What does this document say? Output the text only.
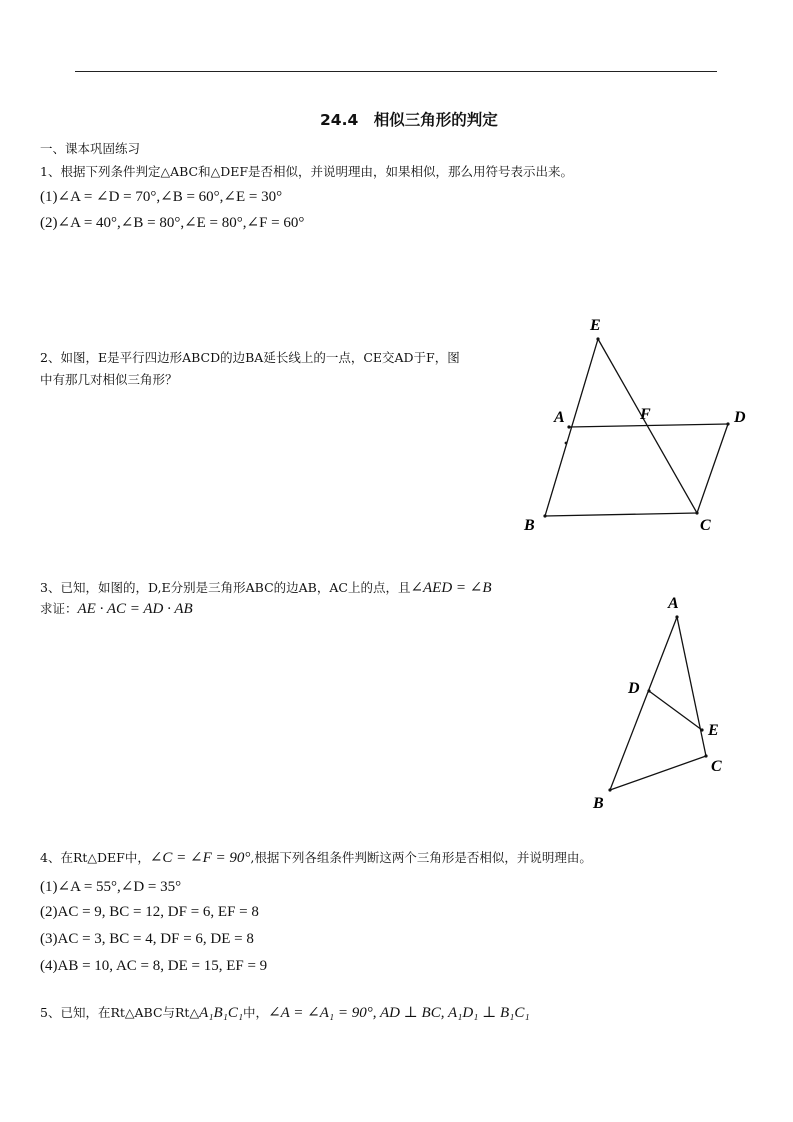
24.4　相似三角形的判定
一、课本巩固练习
1、根据下列条件判定△ABC和△DEF是否相似，并说明理由，如果相似，那么用符号表示出来。
(1)∠A = ∠D = 70°,∠B = 60°,∠E = 30°
(2)∠A = 40°,∠B = 80°,∠E = 80°,∠F = 60°
2、如图，E是平行四边形ABCD的边BA延长线上的一点，CE交AD于F，图
中有那几对相似三角形？
E
A	F	D
B	C
3、已知，如图的，D,E分别是三角形ABC的边AB，AC上的点，且∠AED = ∠B
求证：AE · AC = AD · AB	A
D
E
C
B
4、在Rt△DEF中，∠C = ∠F = 90°,根据下列各组条件判断这两个三角形是否相似，并说明理由。
(1)∠A = 55°,∠D = 35°
(2)AC = 9, BC = 12, DF = 6, EF = 8
(3)AC = 3, BC = 4, DF = 6, DE = 8
(4)AB = 10, AC = 8, DE = 15, EF = 9
5、已知，在Rt△ABC与Rt△A₁B₁C₁中，∠A = ∠A₁ = 90°, AD ⊥ BC, A₁D₁ ⊥ B₁C₁
